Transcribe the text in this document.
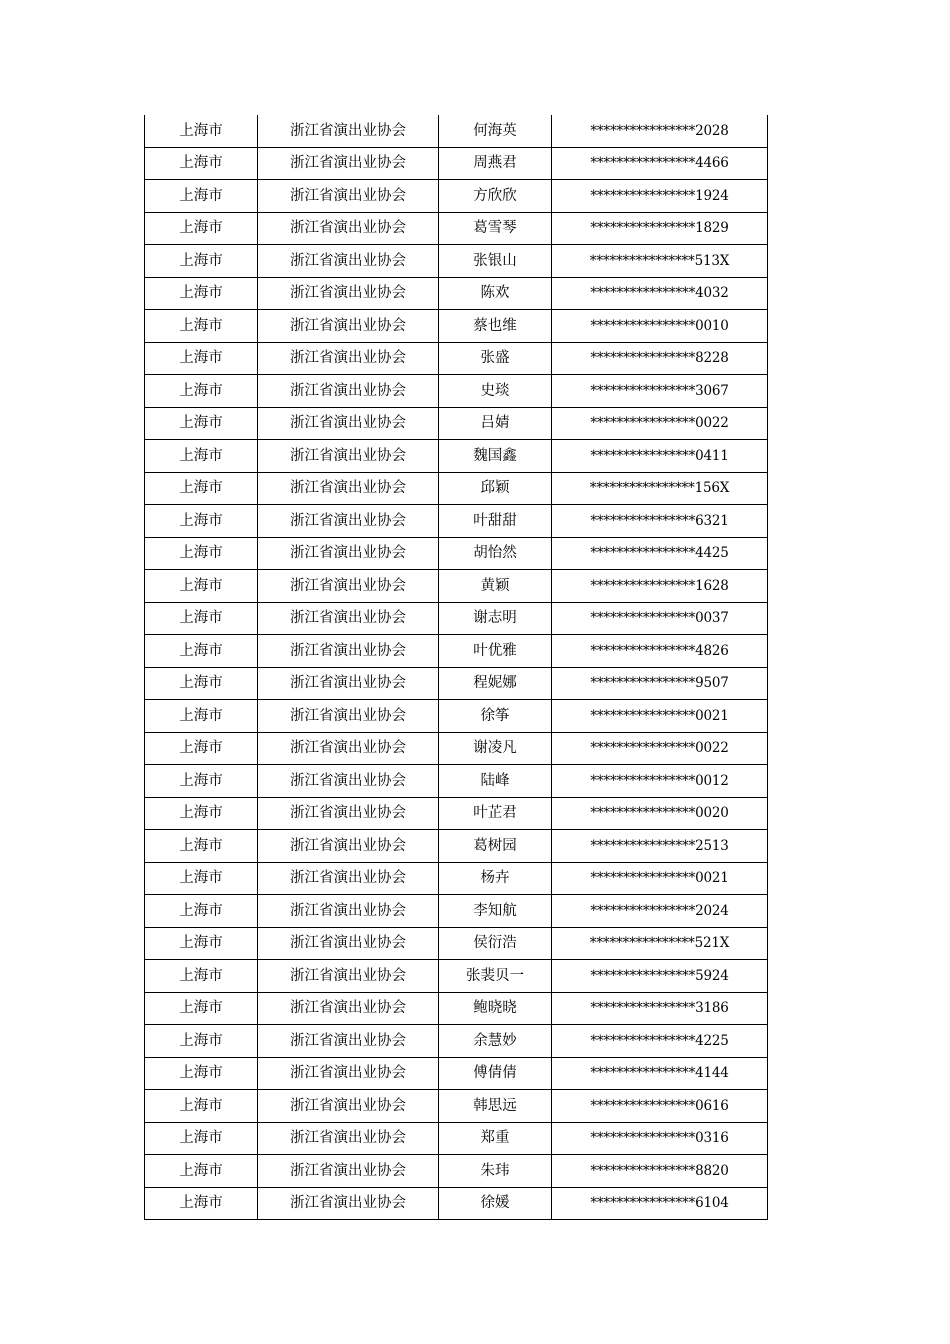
上海市	浙江省演出业协会	何海英	****************2028
上海市	浙江省演出业协会	周燕君	****************4466
上海市	浙江省演出业协会	方欣欣	****************1924
上海市	浙江省演出业协会	葛雪琴	****************1829
上海市	浙江省演出业协会	张银山	****************513X
上海市	浙江省演出业协会	陈欢	****************4032
上海市	浙江省演出业协会	蔡也维	****************0010
上海市	浙江省演出业协会	张盛	****************8228
上海市	浙江省演出业协会	史琰	****************3067
上海市	浙江省演出业协会	吕婧	****************0022
上海市	浙江省演出业协会	魏国鑫	****************0411
上海市	浙江省演出业协会	邱颖	****************156X
上海市	浙江省演出业协会	叶甜甜	****************6321
上海市	浙江省演出业协会	胡怡然	****************4425
上海市	浙江省演出业协会	黄颖	****************1628
上海市	浙江省演出业协会	谢志明	****************0037
上海市	浙江省演出业协会	叶优雅	****************4826
上海市	浙江省演出业协会	程妮娜	****************9507
上海市	浙江省演出业协会	徐筝	****************0021
上海市	浙江省演出业协会	谢凌凡	****************0022
上海市	浙江省演出业协会	陆峰	****************0012
上海市	浙江省演出业协会	叶芷君	****************0020
上海市	浙江省演出业协会	葛树园	****************2513
上海市	浙江省演出业协会	杨卉	****************0021
上海市	浙江省演出业协会	李知航	****************2024
上海市	浙江省演出业协会	侯衍浩	****************521X
上海市	浙江省演出业协会	张裴贝一	****************5924
上海市	浙江省演出业协会	鲍晓晓	****************3186
上海市	浙江省演出业协会	余慧妙	****************4225
上海市	浙江省演出业协会	傅倩倩	****************4144
上海市	浙江省演出业协会	韩思远	****************0616
上海市	浙江省演出业协会	郑重	****************0316
上海市	浙江省演出业协会	朱玮	****************8820
上海市	浙江省演出业协会	徐媛	****************6104
